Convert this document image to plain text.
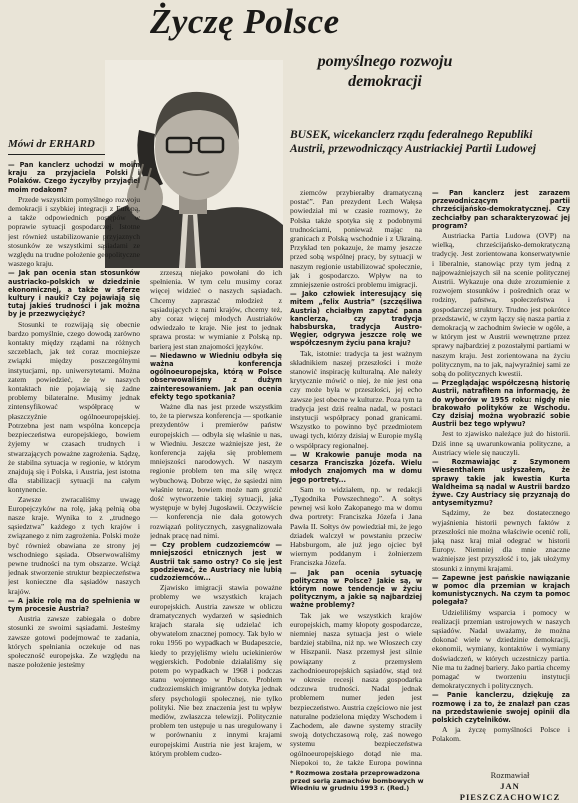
Życzę Polsce
pomyślnego rozwoju demokracji
Mówi dr ERHARD
BUSEK, wicekanclerz rządu federalnego Republiki Austrii, przewodniczący Austriackiej Partii Ludowej

— Pan kanclerz uchodzi w moim kraju za przyjaciela Polski i Polaków. Czego życzyłby przyjaciel moim rodakom?

Przede wszystkim pomyślnego rozwoju demokracji i szybkiej integracji z Europą, a także odpowiednich postępów w poprawie sytuacji gospodarczej. Istotne jest również ustabilizowanie przyjaznych stosunków ze wszystkimi sąsiadami ze względu na trudne położenie geopolityczne waszego kraju.

— Jak pan ocenia stan stosunków austriacko-polskich w dziedzinie ekonomicznej, a także w sferze kultury i nauki? Czy pojawiają się tutaj jakieś trudności i jak można by je przezwyciężyć?

Stosunki te rozwijają się obecnie bardzo pomyślnie, czego dowodą zarówno kontakty między rządami na różnych szczeblach, jak też coraz mocniejsze związki między poszczególnymi instytucjami, np. uniwersytetami. Można zatem powiedzieć, że w naszych kontaktach nie pojawiają się żadne problemy bilateralne. Musimy jednak zintensyfikować współpracę w płaszczyźnie ogólnoeuropejskiej. Potrzebna jest nam wspólna koncepcja bezpieczeństwa europejskiego, bowiem żyjemy w czasach trudnych i stwarzających poważne zagrożenia. Sądzę, że stabilna sytuacja w regionie, w którym znajdują się i Polska, i Austria, jest istotna dla stabilizacji sytuacji na całym kontynencie.

Zawsze zwracaliśmy uwagę Europejczyków na rolę, jaką pełnią oba nasze kraje. Wynika to z „trudnego sąsiedztwa” każdego z tych krajów i związanego z nim zagrożenia. Polski może być również obawiana ze strony jej wschodniego sąsiada. Obserwowaliśmy pewne trudności na tym obszarze. Wciąż jednak stworzenie struktur bezpieczeństwa jest konieczne dla sąsiadów naszych krajów.

— A jakie rolę ma do spełnienia w tym procesie Austria?

Austria zawsze zabiegała o dobre stosunki ze swoimi sąsiadami. Jesteśmy zawsze gotowi podejmować te zadania, których spełniania oczekuje od nas społeczność europejska. Ze względu na nasze położenie jesteśmy

zrzeszą niejako powołani do ich spełnienia. W tym celu musimy coraz więcej widzieć o naszych sąsiadach. Chcemy zapraszać młodzież z sąsiadujących z nami krajów, chcemy też, aby coraz więcej młodych Austriaków odwiedzało te kraje. Nie jest to jednak sprawa prosta: w wymianie z Polską np. barierą jest stan znajomości języków.

— Niedawno w Wiedniu odbyła się ważna konferencja ogólnoeuropejska, którą w Polsce obserwowaliśmy z dużym zainteresowaniem. Jak pan ocenia efekty tego spotkania?

Ważne dla nas jest przede wszystkim to, że ta pierwsza konferencja — spotkanie prezydentów i premierów państw europejskich — odbyła się właśnie u nas, w Wiedniu. Jeszcze ważniejsze jest, że konferencja zajęła się problemem mniejszości narodowych. W naszym regionie problem ten ma silę wręcz wybuchową. Dobrze więc, że sąsiedzi nim właśnie teraz, bowiem może nam grozić dość wytworzenie takiej sytuacji, jaka występuje w byłej Jugosławii. Oczywiście — konferencja nie dała gotowych rozwiązań politycznych, zasygnalizowała jednak pracę nad nimi.

— Czy problem cudzoziemców — mniejszości etnicznych jest w Austrii tak samo ostry? Co się jest spodziewać, że Austriacy nie lubią cudzoziemców...

Zjawisko imigracji stawia poważne problemy we wszystkich krajach europejskich. Austria zawsze w obliczu dramatycznych wydarzeń w sąsiednich krajach starała się udzielać ich obywatelom znacznej pomocy. Tak było w roku 1956 po wypadkach w Budapeszcie, kiedy to przyjęliśmy wielu uciekinierów węgierskich. Podobnie działaliśmy się potem po wypadkach w 1968 i podczas stanu wojennego w Polsce. Problem cudzoziemskich imigrantów dotyka jednak sfery psychologii społecznej, nie tylko polityki. Nie bez znaczenia jest tu wpływ mediów, zwłaszcza telewizji. Politycznie problem ten ustępuje u nas uregulowany i w porównaniu z innymi krajami europejskimi Austria nie jest krajem, w którym problem cudzo-

ziemców przybierałby dramatyczną postać”. Pan prezydent Lech Wałęsa powiedział mi w czasie rozmowy, że Polska także spotyka się z podobnymi trudnościami, ponieważ mając na granicach z Polską wschodnie i z Ukrainą. Przykład ten pokazuje, że mamy jeszcze przed sobą wspólnej pracy, by sytuacji w naszym regionie ustabilizować społecznie, jak i gospodarczo. Wpływ na to zmniejszenie ostrości problemu imigracji.

— Jako człowiek interesujący się mitem „felix Austria” (szczęśliwa Austria) chciałbym zapytać pana kanclerza, czy tradycja habsburska, tradycja Austro-Węgier, odgrywa jeszcze rolę we współczesnym życiu pana kraju?

Tak, istotnie: tradycja ta jest ważnym składnikiem naszej przeszłości i może stanowić inspirację kulturalną. Ale należy krytycznie mówić o niej, że nie jest ona czy może była w przeszłości, jej echo zawsze jest obecne w kulturze. Poza tym ta tradycja jest dziś realna nadal, w postaci instytucji współpracy ponad granicami. Wszystko to powinno być przedmiotem uwagi tych, którzy dzisiaj w Europie myślą o współpracy regionalnej.

— W Krakowie panuje moda na cesarza Franciszka Józefa. Wielu młodych znajomych ma w domu jego portrety...

Sam to widziałem, np. w redakcji „Tygodnika Powszechnego”. A sołtys pewnej wsi koło Zakopanego ma w domu dwa portrety: Franciszka Józefa i Jana Pawła II. Sołtys ów powiedział mi, że jego dziadek walczył w powstaniu przeciw Habsburgom, ale już jego ojciec był wiernym poddanym i żołnierzem Franciszka Józefa.

— Jak pan ocenia sytuację polityczną w Polsce? Jakie są, w którym nowe tendencje w życiu politycznym, a jakie są najbardziej ważne problemy?

Tak jak we wszystkich krajów europejskich, mamy kłopoty gospodarcze, niemniej nasza sytuacja jest o wiele bardziej stabilna, niż np. we Włoszech czy w Hiszpanii. Nasz przemysł jest silnie powiązany z przemysłem zachodnioeuropejskich sąsiadów, stąd też w okresie recesji nasza gospodarka odczuwa trudności. Nadal jednak problemem numer jeden jest bezpieczeństwo. Austria częściowo nie jest naturalne podzielona między Wschodem i Zachodem, ale dawne systemy straciły swoją dotychczasową rolę, zaś nowego systemu bezpieczeństwa ogólnoeuropejskiego dotąd nie ma. Niepokoi to, że także Europa powinna

— Pan kanclerz jest zarazem przewodniczącym partii chrześcijańsko-demokratycznej. Czy zechciałby pan scharakteryzować jej program?

Austriacka Partia Ludowa (OVP) na wielką, chrześcijańsko-demokratyczną tradycję. Jest zorientowana konserwatywnie i liberalnie, stanowiąc przy tym jedną z najpoważniejszych sił na scenie politycznej Austrii. Wykazuje ona duże zrozumienie z rozwojem stosunków i pośrednich oraz w rodziny, państwa, społeczeństwa i gospodarczej struktury. Trudno jest pokrótce przedstawić, w czym łączy się nasza partia z demokracją w zachodnim świecie w ogóle, a w którym jest w Austrii wewnętrzne przez sprawy najbardziej z pozostałymi partiami w naszym kraju. Jest zorientowana na życiu politycznym, na to jak, najwyraźniej sami ze sobą do politycznych kwestii.

— Przeglądając współczesną historię Austrii, natrafiłem na informację, że do wyborów w 1955 roku: nigdy nie brakowało polityków ze Wschodu. Czy dzisiaj można wyobrazić sobie Austrii bez tego wpływu?

Jest to zjawisko należące już do historii. Dziś inne są uwarunkowania polityczne, a Austriacy wiele się nauczyli.

— Rozmawiając z Szymonem Wiesenthalem usłyszałem, że sprawy takie jak kwestia Kurta Waldheima są nadal w Austrii bardzo żywe. Czy Austriacy się przyznają do antysemityzmu?

Sądzimy, że bez dostatecznego wyjaśnienia historii pewnych faktów z przeszłości nie można właściwie ocenić roli, jaką nasz kraj miał odegrać w historii Europy. Niemniej dla mnie znaczne ważniejsze jest przyszłość i to, jak ułożymy stosunki z innymi krajami.

— Zapewne jest pańskie nawiązanie w pomoc dla przemian w krajach komunistycznych. Na czym ta pomoc polegała?

Udzieliliśmy wsparcia i pomocy w realizacji przemian ustrojowych w naszych sąsiadów. Nadal uważamy, że można dokonać wiele w dziedzinie demokracji, ekonomii, wymiany, kontaktów i wymiany doświadczeń, w których uczestniczy partia. Nie ma tu żadnej bariery. Jako partia chcemy pomagać w tworzeniu instytucji demokratycznych i politycznych.

— Panie kanclerzu, dziękuję za rozmowę i za to, że znalazł pan czas na przedstawienie swojej opinii dla polskich czytelników.

A ja życzę pomyślności Polsce i Polakom.

* Rozmowa została przeprowadzona przed serią zamachów bombowych w Wiedniu w grudniu 1993 r. (Red.)
Rozmawiał
JAN PIESZCZACHOWICZ
